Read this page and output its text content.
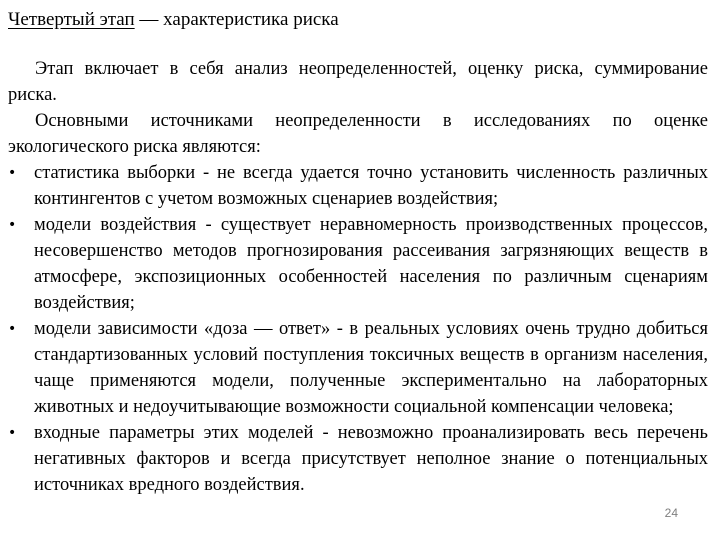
Четвертый этап — характеристика риска

Этап включает в себя анализ неопределенностей, оценку риска, суммирование риска.

Основными источниками неопределенности в исследованиях по оценке экологического риска являются:

• статистика выборки - не всегда удается точно установить численность различных контингентов с учетом возможных сценариев воздействия;
• модели воздействия - существует неравномерность производственных процессов, несовершенство методов прогнозирования рассеивания загрязняющих веществ в атмосфере, экспозиционных особенностей населения по различным сценариям воздействия;
• модели зависимости «доза — ответ» - в реальных условиях очень трудно добиться стандартизованных условий поступления токсичных веществ в организм населения, чаще применяются модели, полученные экспериментально на лабораторных животных и недоучитывающие возможности социальной компенсации человека;
• входные параметры этих моделей - невозможно проанализировать весь перечень негативных факторов и всегда присутствует неполное знание о потенциальных источниках вредного воздействия.
24
